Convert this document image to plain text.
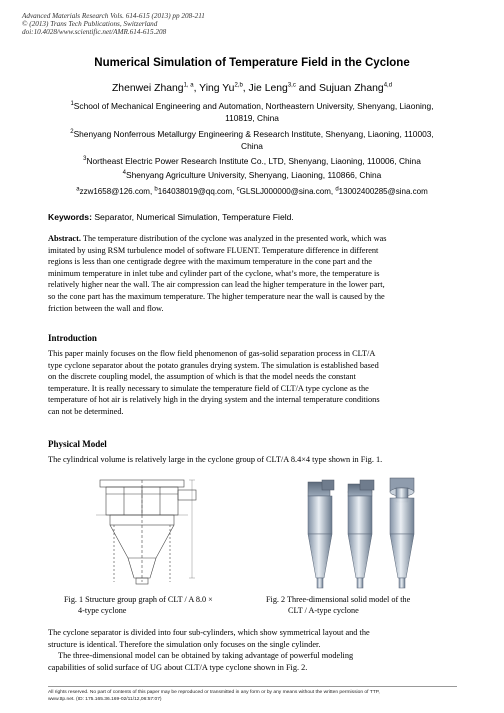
Advanced Materials Research Vols. 614-615 (2013) pp 208-211
© (2013) Trans Tech Publications, Switzerland
doi:10.4028/www.scientific.net/AMR.614-615.208
Numerical Simulation of Temperature Field in the Cyclone
Zhenwei Zhang$^{1, a}$, Ying Yu$^{2,b}$, Jie Leng$^{3,c}$ and Sujuan Zhang$^{4,d}$
$^1$School of Mechanical Engineering and Automation, Northeastern University, Shenyang, Liaoning,
110819, China
$^2$Shenyang Nonferrous Metallurgy Engineering & Research Institute, Shenyang, Liaoning, 110003,
China
$^3$Northeast Electric Power Research Institute Co., LTD, Shenyang, Liaoning, 110006, China
$^4$Shenyang Agriculture University, Shenyang, Liaoning, 110866, China
$^a$zzw1658@126.com, $^b$164038019@qq.com, $^c$GLSLJ000000@sina.com, $^d$13002400285@sina.com
Keywords: Separator, Numerical Simulation, Temperature Field.
Abstract. The temperature distribution of the cyclone was analyzed in the presented work, which was
imitated by using RSM turbulence model of software FLUENT. Temperature difference in different
regions is less than one centigrade degree with the maximum temperature in the cone part and the
minimum temperature in inlet tube and cylinder part of the cyclone, what’s more, the temperature is
relatively higher near the wall. The air compression can lead the higher temperature in the lower part,
so the cone part has the maximum temperature. The higher temperature near the wall is caused by the
friction between the wall and flow.
Introduction
This paper mainly focuses on the flow field phenomenon of gas-solid separation process in CLT/A
type cyclone separator about the potato granules drying system. The simulation is established based
on the discrete coupling model, the assumption of which is that the model needs the constant
temperature. It is really necessary to simulate the temperature field of CLT/A type cyclone as the
temperature of hot air is relatively high in the drying system and the internal temperature conditions
can not be determined.
Physical Model
The cylindrical volume is relatively large in the cyclone group of CLT/A 8.4×4 type shown in Fig. 1.
Fig. 1 Structure group graph of CLT / A 8.0 ×
4-type cyclone
Fig. 2 Three-dimensional solid model of the
CLT / A-type cyclone
The cyclone separator is divided into four sub-cylinders, which show symmetrical layout and the
structure is identical. Therefore the simulation only focuses on the single cylinder.
The three-dimensional model can be obtained by taking advantage of powerful modeling
capabilities of solid surface of UG about CLT/A type cyclone shown in Fig. 2.
All rights reserved. No part of contents of this paper may be reproduced or transmitted in any form or by any means without the written permission of TTP,
www.ttp.net. (ID: 175.165.36.169-02/11/12,06:57:07)
